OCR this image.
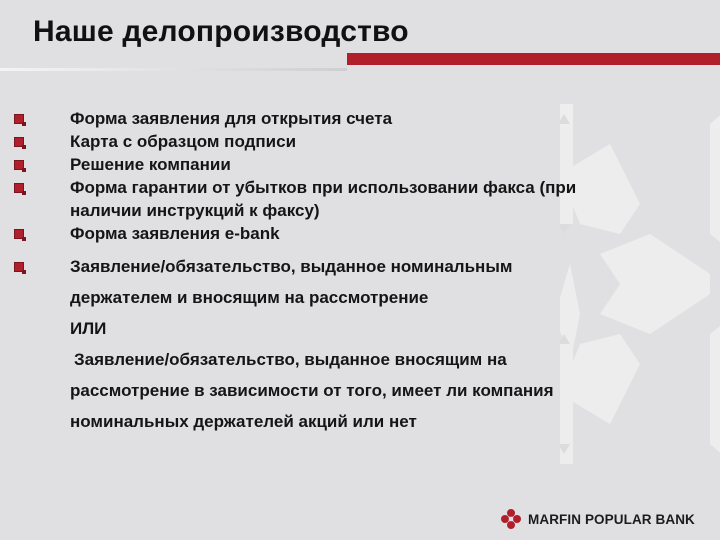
Наше делопроизводство
Форма заявления для открытия счета
Карта с образцом подписи
Решение компании
Форма гарантии от убытков при использовании факса (при
наличии инструкций к факсу)
Форма заявления e-bank
Заявление/обязательство, выданное номинальным
держателем и вносящим на рассмотрение
ИЛИ
Заявление/обязательство, выданное вносящим на
рассмотрение в зависимости от того, имеет ли компания
номинальных держателей акций или нет
MARFIN POPULAR BANK
